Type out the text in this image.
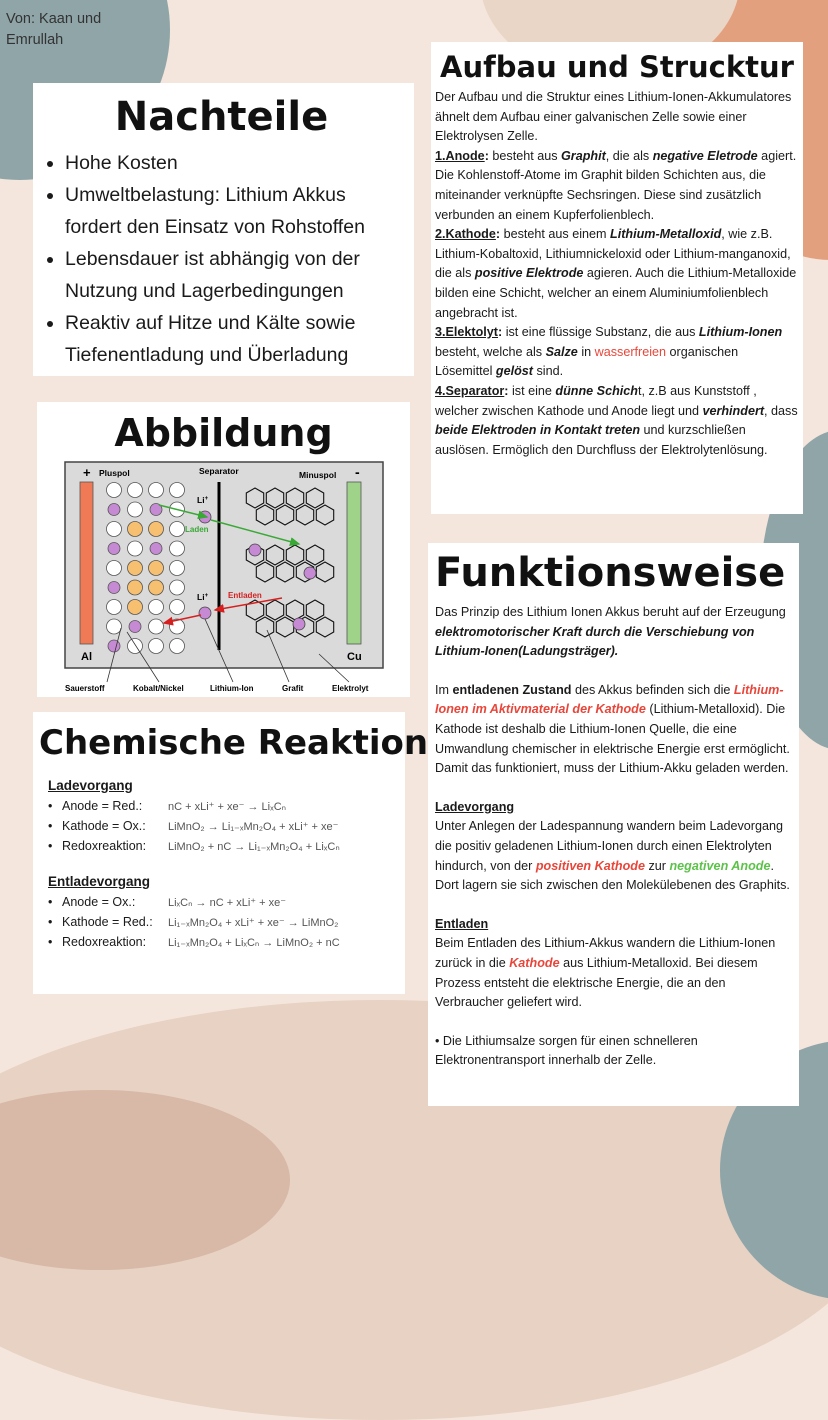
Von: Kaan und
Emrullah
Nachteile
• Hohe Kosten
• Umweltbelastung: Lithium Akkus fordert den Einsatz von Rohstoffen
• Lebensdauer ist abhängig von der Nutzung und Lagerbedingungen
• Reaktiv auf Hitze und Kälte sowie Tiefenentladung und Überladung
Abbildung
+ Pluspol	Separator	Minuspol -
Al	Cu
Li+
Li+
Laden
Entladen
Sauerstoff	Kobalt/Nickel	Lithium-Ion	Grafit	Elektrolyt
Chemische Reaktion
Ladevorgang
• Anode = Red.:	nC + xLi⁺ + xe⁻ → LiₓCₙ
• Kathode = Ox.:	LiMnO₂ → Li₁₋ₓMn₂O₄ + xLi⁺ + xe⁻
• Redoxreaktion:	LiMnO₂ + nC → Li₁₋ₓMn₂O₄ + LiₓCₙ
Entladevorgang
• Anode = Ox.:	LiₓCₙ → nC + xLi⁺ + xe⁻
• Kathode = Red.:	Li₁₋ₓMn₂O₄ + xLi⁺ + xe⁻ → LiMnO₂
• Redoxreaktion:	Li₁₋ₓMn₂O₄ + LiₓCₙ → LiMnO₂ + nC
Aufbau und Strucktur

Der Aufbau und die Struktur eines Lithium-Ionen-Akkumulatores ähnelt dem Aufbau einer galvanischen Zelle sowie einer Elektrolysen Zelle.

1.Anode: besteht aus Graphit, die als negative Eletrode agiert. Die Kohlenstoff-Atome im Graphit bilden Schichten aus, die miteinander verknüpfte Sechsringen. Diese sind zusätzlich verbunden an einem Kupferfolienblech.

2.Kathode: besteht aus einem Lithium-Metalloxid, wie z.B. Lithium-Kobaltoxid, Lithiumnickeloxid oder Lithium-manganoxid, die als positive Elektrode agieren. Auch die Lithium-Metalloxide bilden eine Schicht, welcher an einem Aluminiumfolienblech angebracht ist.

3.Elektolyt: ist eine flüssige Substanz, die aus Lithium-Ionen besteht, welche als Salze in wasserfreien organischen Lösemittel gelöst sind.

4.Separator: ist eine dünne Schicht, z.B aus Kunststoff , welcher zwischen Kathode und Anode liegt und verhindert, dass beide Elektroden in Kontakt treten und kurzschließen auslösen. Ermöglich den Durchfluss der Elektrolytenlösung.

Funktionsweise

Das Prinzip des Lithium Ionen Akkus beruht auf der Erzeugung elektromotorischer Kraft durch die Verschiebung von Lithium-Ionen(Ladungsträger).

Im entladenen Zustand des Akkus befinden sich die Lithium-Ionen im Aktivmaterial der Kathode (Lithium-Metalloxid). Die Kathode ist deshalb die Lithium-Ionen Quelle, die eine Umwandlung chemischer in elektrische Energie erst ermöglicht. Damit das funktioniert, muss der Lithium-Akku geladen werden.

Ladevorgang

Unter Anlegen der Ladespannung wandern beim Ladevorgang die positiv geladenen Lithium-Ionen durch einen Elektrolyten hindurch, von der positiven Kathode zur negativen Anode. Dort lagern sie sich zwischen den Molekülebenen des Graphits.

Entladen

Beim Entladen des Lithium-Akkus wandern die Lithium-Ionen zurück in die Kathode aus Lithium-Metalloxid. Bei diesem Prozess entsteht die elektrische Energie, die an den Verbraucher geliefert wird.

• Die Lithiumsalze sorgen für einen schnelleren Elektronentransport innerhalb der Zelle.
